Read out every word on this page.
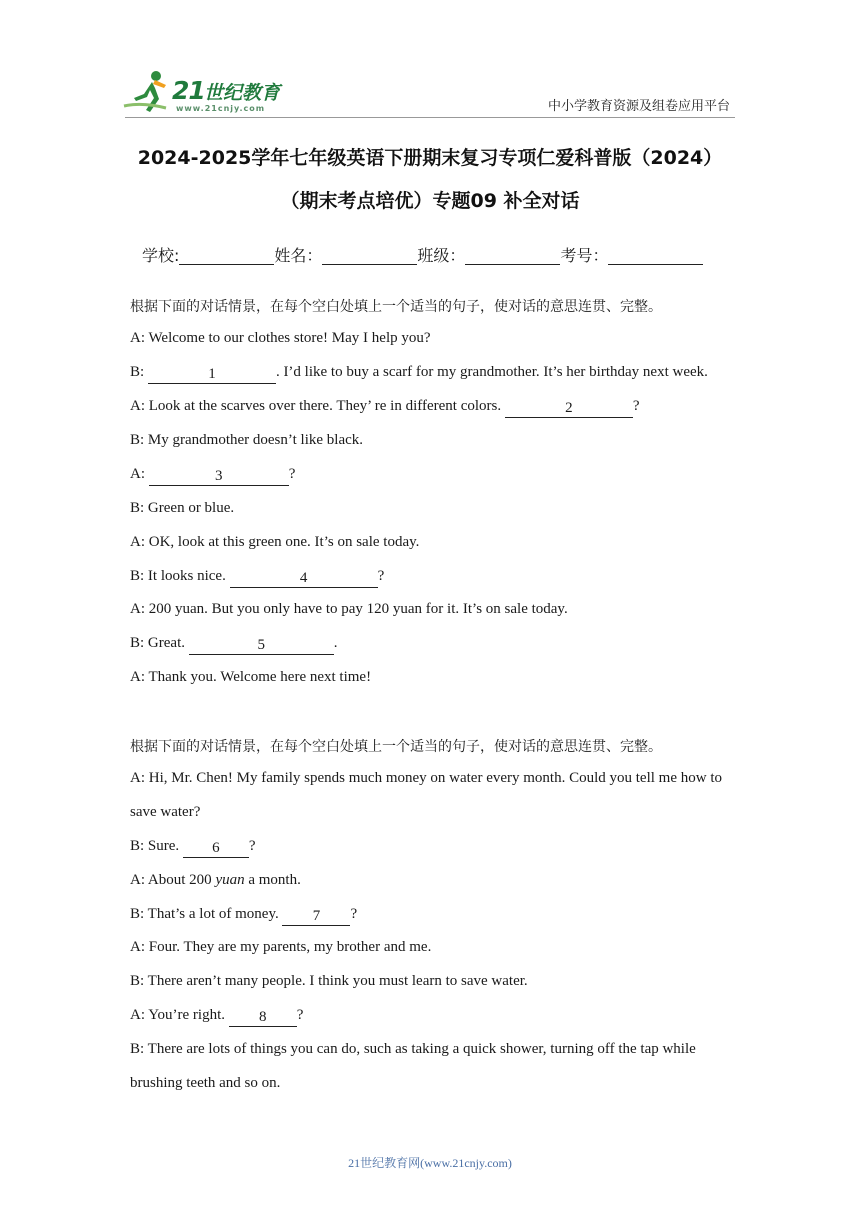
21 世纪教育
www.21cnjy.com	中小学教育资源及组卷应用平台
2024-2025学年七年级英语下册期末复习专项仁爱科普版（2024）
（期末考点培优）专题09 补全对话
学校:	姓名：	班级：	考号：
根据下面的对话情景，在每个空白处填上一个适当的句子，使对话的意思连贯、完整。
A: Welcome to our clothes store! May I help you?
B:	1	. I’d like to buy a scarf for my grandmother. It’s her birthday next week.
A: Look at the scarves over there. They’ re in different colors.	2	?
B: My grandmother doesn’t like black.
A:	3	?
B: Green or blue.
A: OK, look at this green one. It’s on sale today.
B: It looks nice.	4	?
A: 200 yuan. But you only have to pay 120 yuan for it. It’s on sale today.
B: Great.	5	.
A: Thank you. Welcome here next time!
根据下面的对话情景，在每个空白处填上一个适当的句子，使对话的意思连贯、完整。
A: Hi, Mr. Chen! My family spends much money on water every month. Could you tell me how to
save water?
B: Sure. 6 ?
A: About 200 yuan a month.
B: That’s a lot of money. 7 ?
A: Four. They are my parents, my brother and me.
B: There aren’t many people. I think you must learn to save water.
A: You’re right. 8 ?
B: There are lots of things you can do, such as taking a quick shower, turning off the tap while
brushing teeth and so on.
21世纪教育网(www.21cnjy.com)
